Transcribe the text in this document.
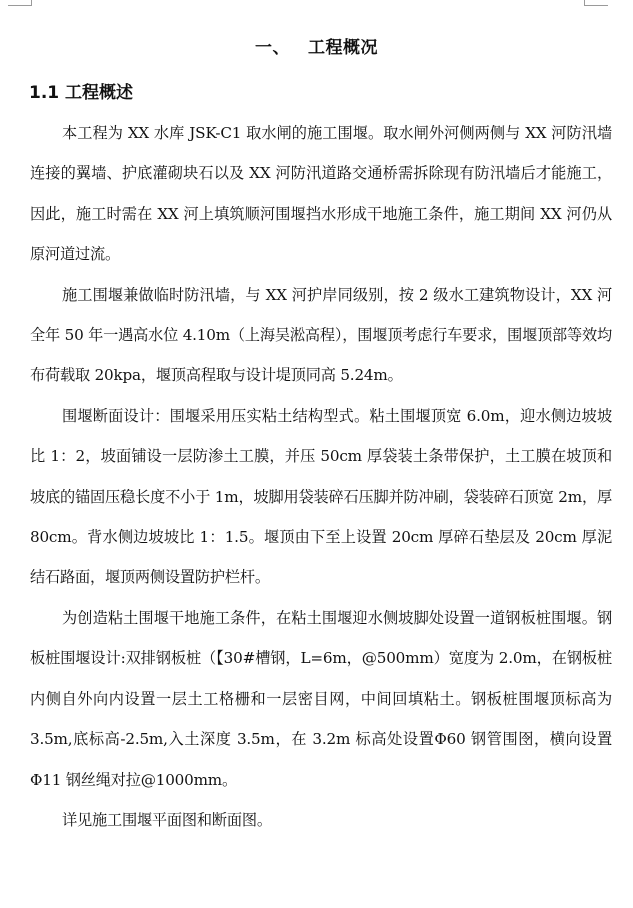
一、 工程概况
1.1 工程概述

本工程为 XX 水库 JSK-C1 取水闸的施工围堰。取水闸外河侧两侧与 XX 河防汛墙连接的翼墙、护底灌砌块石以及 XX 河防汛道路交通桥需拆除现有防汛墙后才能施工，因此，施工时需在 XX 河上填筑顺河围堰挡水形成干地施工条件，施工期间 XX 河仍从原河道过流。

施工围堰兼做临时防汛墙，与 XX 河护岸同级别，按 2 级水工建筑物设计，XX 河全年 50 年一遇高水位 4.10m（上海吴淞高程），围堰顶考虑行车要求，围堰顶部等效均布荷载取 20kpa，堰顶高程取与设计堤顶同高 5.24m。

围堰断面设计：围堰采用压实粘土结构型式。粘土围堰顶宽 6.0m，迎水侧边坡坡比 1：2，坡面铺设一层防渗土工膜，并压 50cm 厚袋装土条带保护，土工膜在坡顶和坡底的锚固压稳长度不小于 1m，坡脚用袋装碎石压脚并防冲刷，袋装碎石顶宽 2m，厚 80cm。背水侧边坡坡比 1：1.5。堰顶由下至上设置 20cm 厚碎石垫层及 20cm 厚泥结石路面，堰顶两侧设置防护栏杆。

为创造粘土围堰干地施工条件，在粘土围堰迎水侧坡脚处设置一道钢板桩围堰。钢板桩围堰设计:双排钢板桩（【30#槽钢，L=6m，@500mm）宽度为 2.0m，在钢板桩内侧自外向内设置一层土工格栅和一层密目网，中间回填粘土。钢板桩围堰顶标高为 3.5m,底标高-2.5m,入土深度 3.5m，在 3.2m 标高处设置Φ60 钢管围囹，横向设置Φ11 钢丝绳对拉@1000mm。

详见施工围堰平面图和断面图。
